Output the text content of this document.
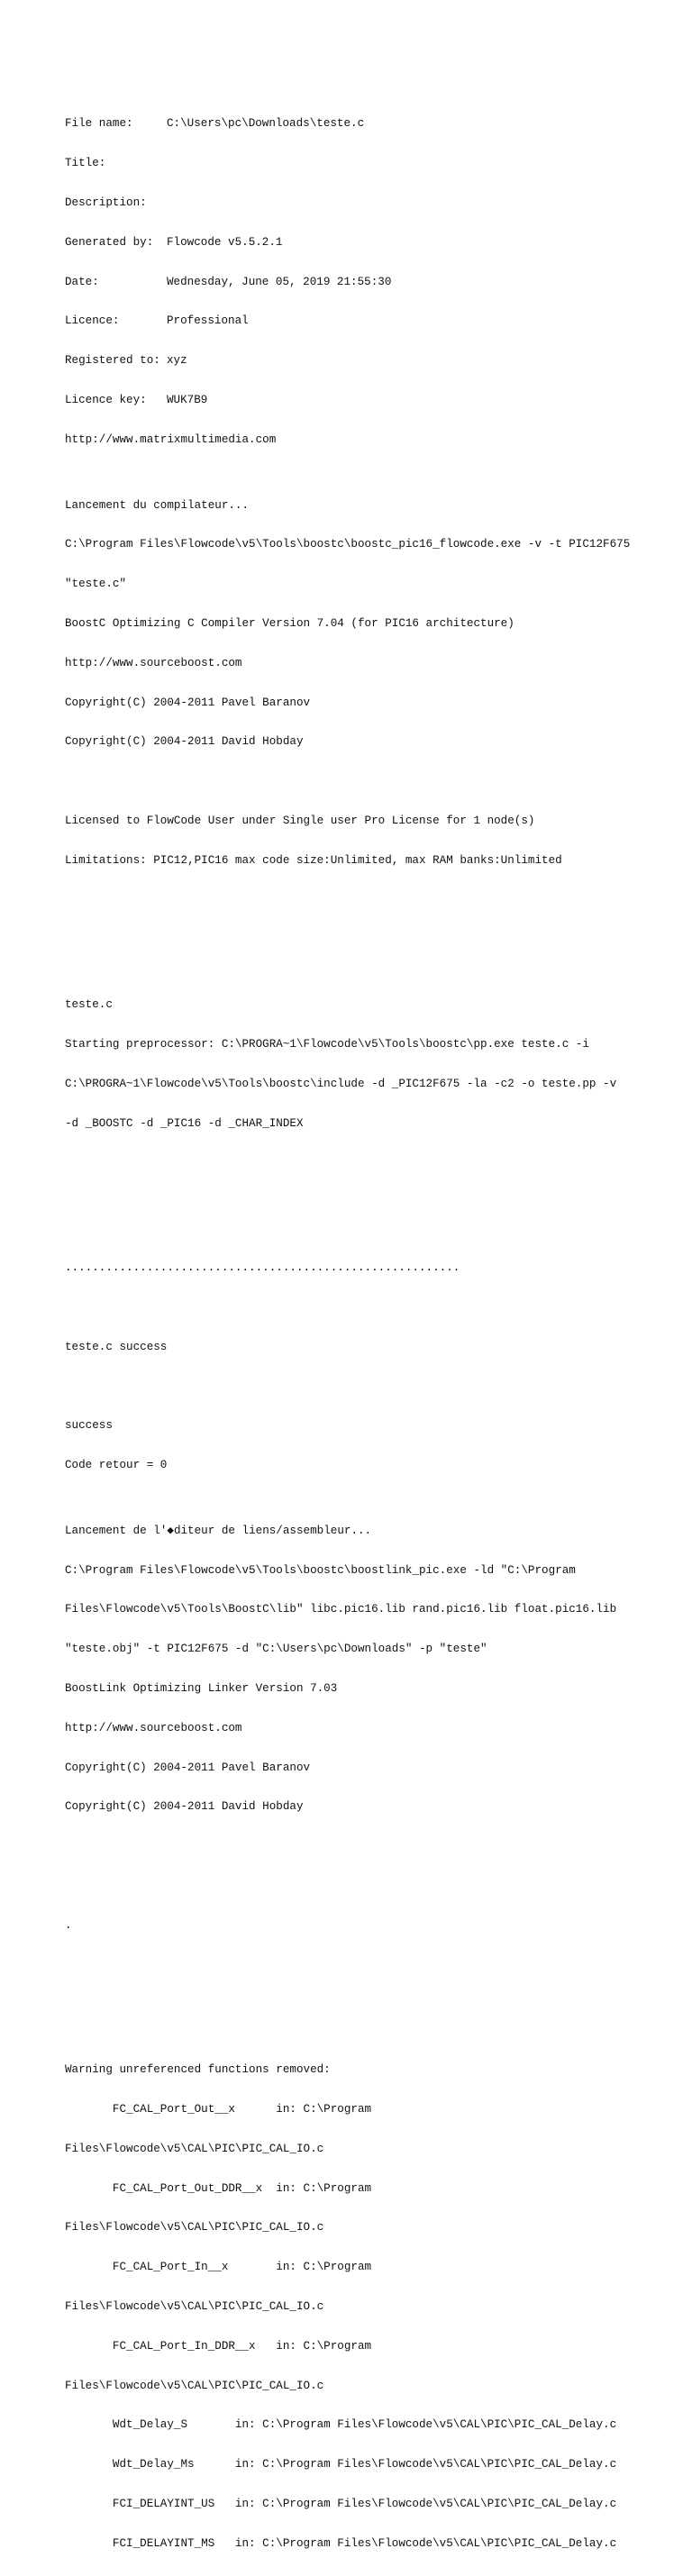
File name:	C:\Users\pc\Downloads\teste.c

Title:

Description:

Generated by: Flowcode v5.5.2.1

Date:	Wednesday, June 05, 2019 21:55:30

Licence:	Professional

Registered to: xyz

Licence key: WUK7B9

http://www.matrixmultimedia.com

Lancement du compilateur...

C:\Program Files\Flowcode\v5\Tools\boostc\boostc_pic16_flowcode.exe -v -t PIC12F675

"teste.c"

BoostC Optimizing C Compiler Version 7.04 (for PIC16 architecture)

http://www.sourceboost.com

Copyright(C) 2004-2011 Pavel Baranov

Copyright(C) 2004-2011 David Hobday

Licensed to FlowCode User under Single user Pro License for 1 node(s)

Limitations: PIC12,PIC16 max code size:Unlimited, max RAM banks:Unlimited

teste.c

Starting preprocessor: C:\PROGRA~1\Flowcode\v5\Tools\boostc\pp.exe teste.c -i

C:\PROGRA~1\Flowcode\v5\Tools\boostc\include -d _PIC12F675 -la -c2 -o teste.pp -v

-d _BOOSTC -d _PIC16 -d _CHAR_INDEX

..........................................................

teste.c success

success

Code retour = 0

Lancement de l'◆diteur de liens/assembleur...

C:\Program Files\Flowcode\v5\Tools\boostc\boostlink_pic.exe -ld "C:\Program

Files\Flowcode\v5\Tools\BoostC\lib" libc.pic16.lib rand.pic16.lib float.pic16.lib

"teste.obj" -t PIC12F675 -d "C:\Users\pc\Downloads" -p "teste"

BoostLink Optimizing Linker Version 7.03

http://www.sourceboost.com

Copyright(C) 2004-2011 Pavel Baranov

Copyright(C) 2004-2011 David Hobday

.

Warning unreferenced functions removed:

FC_CAL_Port_Out__x      in: C:\Program

Files\Flowcode\v5\CAL\PIC\PIC_CAL_IO.c

FC_CAL_Port_Out_DDR__x  in: C:\Program

Files\Flowcode\v5\CAL\PIC\PIC_CAL_IO.c

FC_CAL_Port_In__x       in: C:\Program

Files\Flowcode\v5\CAL\PIC\PIC_CAL_IO.c

FC_CAL_Port_In_DDR__x   in: C:\Program

Files\Flowcode\v5\CAL\PIC\PIC_CAL_IO.c

Wdt_Delay_S       in: C:\Program Files\Flowcode\v5\CAL\PIC\PIC_CAL_Delay.c

Wdt_Delay_Ms      in: C:\Program Files\Flowcode\v5\CAL\PIC\PIC_CAL_Delay.c

FCI_DELAYINT_US   in: C:\Program Files\Flowcode\v5\CAL\PIC\PIC_CAL_Delay.c

FCI_DELAYINT_MS   in: C:\Program Files\Flowcode\v5\CAL\PIC\PIC_CAL_Delay.c
